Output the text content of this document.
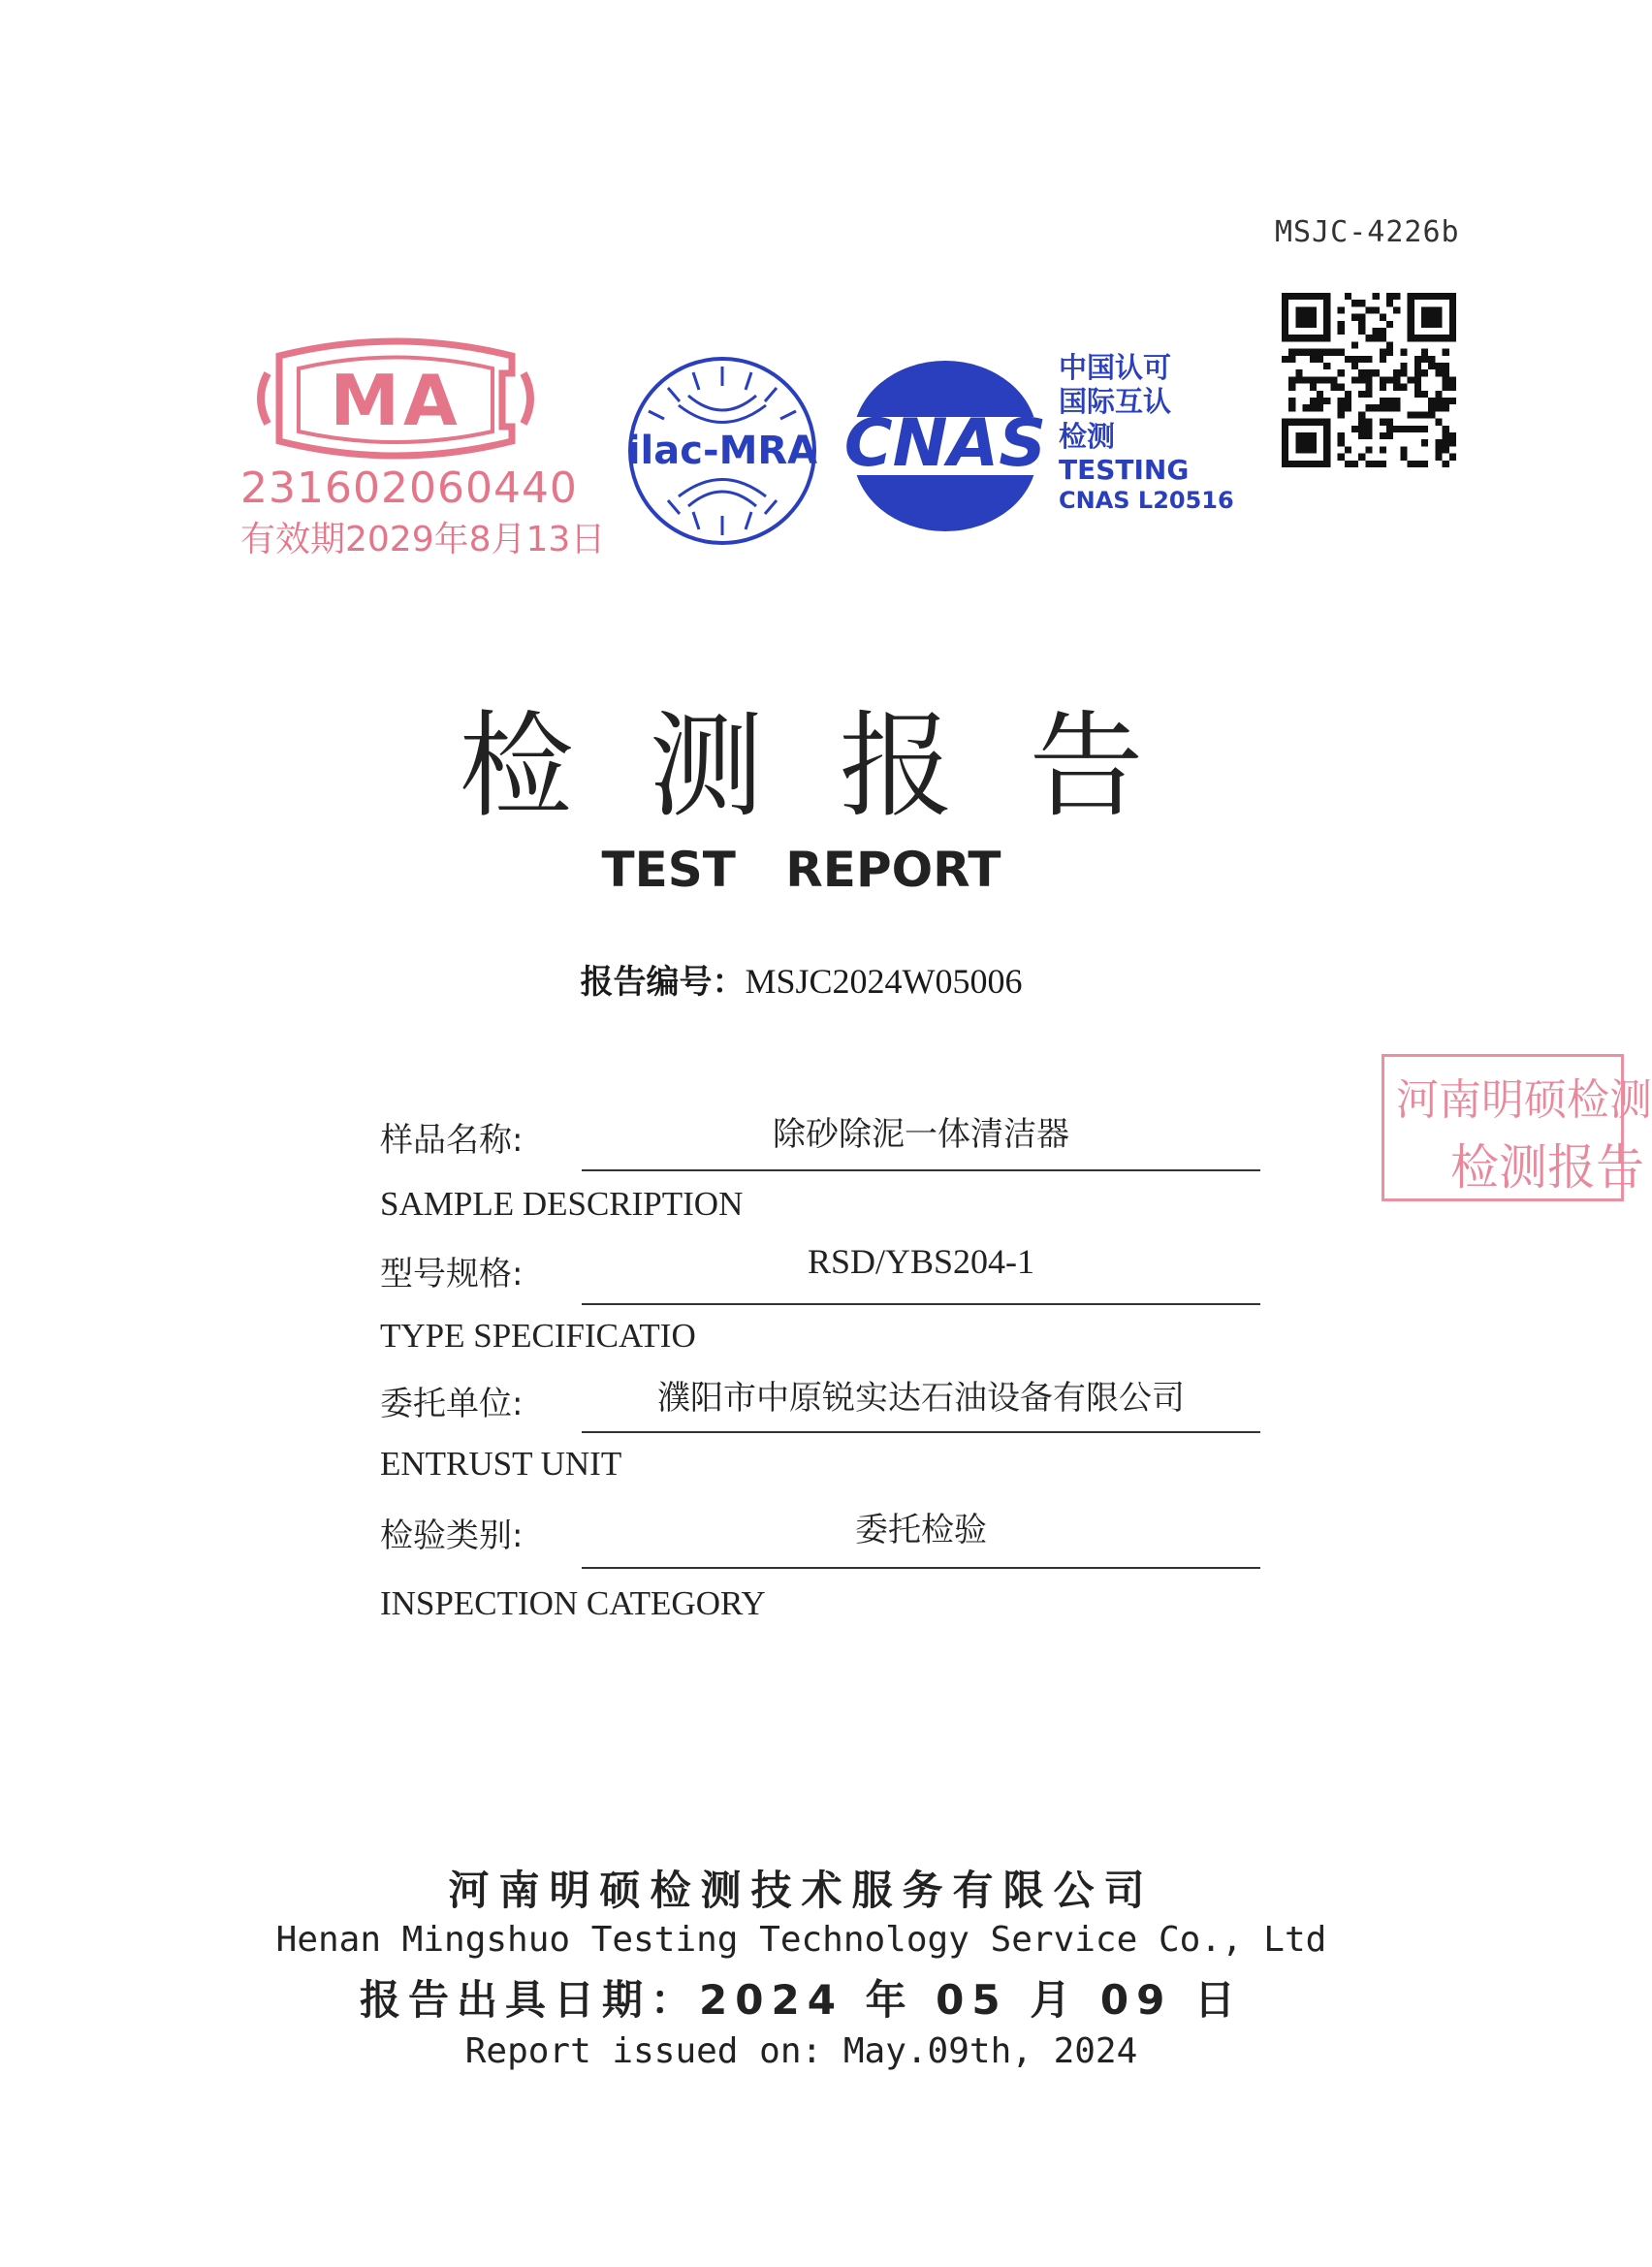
MSJC-4226b
MA
231602060440
有效期2029年8月13日
ilac-MRA CNAS
中国认可
国际互认
检测
TESTING
CNAS L20516
检测报告
TEST REPORT
报告编号：MSJC2024W05006
河南明硕检测
检测报告
样品名称:	除砂除泥一体清洁器
SAMPLE DESCRIPTION
型号规格:	RSD/YBS204-1
TYPE SPECIFICATIO
委托单位:	濮阳市中原锐实达石油设备有限公司
ENTRUST UNIT
检验类别:	委托检验
INSPECTION CATEGORY
河南明硕检测技术服务有限公司
Henan Mingshuo Testing Technology Service Co., Ltd
报告出具日期：2024 年 05 月 09 日
Report issued on: May.09th, 2024
